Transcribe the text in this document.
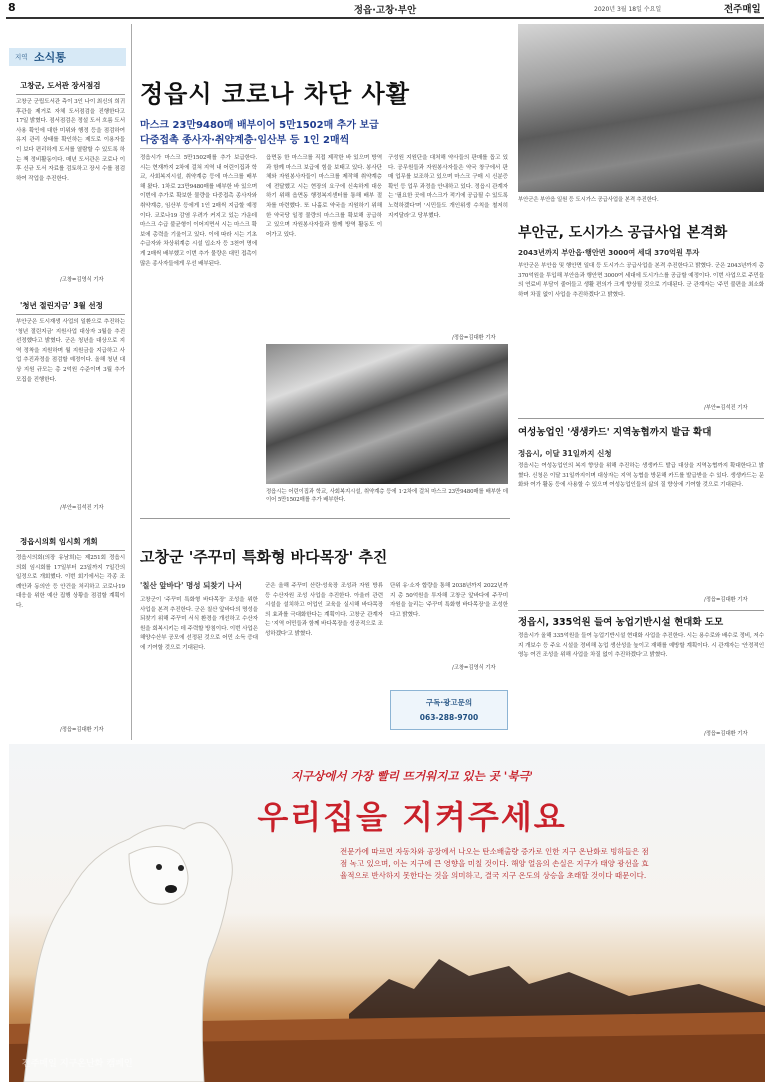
8	정읍·고창·부안	2020년 3월 18일 수요일	전주매일
지역 소식통
고창군, 도서관 장서점검
고창군 군립도서관 측이 3인 나이 최신의 희귀 후관을 제거로 자체 도서점검을 진행한다고 17일 밝혔다. 점서점검은 정설 도서 흐름 도서 사용 확인에 대한 미위와 행정 등을 점검하여 유지 관리 상태를 확인하는 제도로 이용자들이 보다 편리하게 도서를 열람할 수 있도록 하는 책 정비활동이다. 매년 도서관은 코로나 이후 신규 도서 자료를 검토하고 장서 수를 점검하여 작업을 추진한다.
/고창=김영식 기자
'청년 절린지금' 3월 선정
부안군은 도시재생 사업의 일환으로 추진하는 '청년 절린지금' 지원사업 대상자 3월을 추진 선정했다고 밝혔다. 군은 청년을 대상으로 지역 정착을 지원하며 월 지원금을 지급하고 사업 추진과정을 점검할 예정이다. 올해 청년 대상 지원 규모는 총 2억원 수준이며 3월 추가 모집을 진행한다.
/부안=김석진 기자
정읍시의회 임시회 개회
정읍시의회(의장 유남희)는 제251회 정읍시의회 임시회를 17일부터 23일까지 7일간의 일정으로 개회했다. 이번 회기에서는 각종 조례안과 동의안 등 안건을 처리하고 코로나19 대응을 위한 예산 집행 상황을 점검할 계획이다.
/정읍=김대환 기자
정읍시 코로나 차단 사활
마스크 23만9480매 배부이어 5만1502매 추가 보급
다중접촉 종사자·취약계층·임산부 등 1인 2매씩
정읍시가 마스크 5만1502매를 추가 보급한다. 시는 현재까지 2차에 걸쳐 지역 내 어린이집과 학교, 사회복지시설, 취약계층 등에 마스크를 배부해 왔다. 1차로 23만9480매를 배부한 바 있으며 이번에 추가로 확보한 물량을 다중접촉 종사자와 취약계층, 임산부 등에게 1인 2매씩 지급할 예정이다. 코로나19 감염 우려가 커지고 있는 가운데 마스크 수급 불균형이 이어지면서 시는 마스크 확보에 총력을 기울이고 있다. 이에 따라 시는 기초 수급자와 차상위계층 시설 입소자 등 3천여 명에게 2매씩 배부했고 이번 추가 물량은 대민 접촉이 많은 종사자들에게 우선 배부된다.
읍면동 한 마스크를 직접 제작한 바 있으며 방역과 함께 마스크 보급에 힘을 보태고 있다. 봉사단체와 자원봉사자들이 마스크를 제작해 취약계층에 전달했고 시는 현장의 요구에 신속하게 대응하기 위해 읍면동 행정복지센터를 통해 배부 절차를 마련했다. 또 나홀로 약국을 지원하기 위해 한 약국당 일정 물량의 마스크를 확보해 공급하고 있으며 자원봉사자들과 함께 방역 활동도 이어가고 있다.
구성원 지원단을 대처해 약사들의 판매를 돕고 있다. 공무원들과 자원봉사자들은 약국 창구에서 판매 업무를 보조하고 있으며 마스크 구매 시 신분증 확인 등 업무 과정을 안내하고 있다. 정읍시 관계자는 '필요한 곳에 마스크가 적기에 공급될 수 있도록 노력하겠다'며 '시민들도 개인위생 수칙을 철저히 지켜달라'고 당부했다.
/정읍=김대환 기자
정읍시는 어린이집과 학교, 사회복지시설, 취약계층 등에 1·2차에 걸쳐 마스크 23만9480매를 배부한 데 이어 5만1502매를 추가 배부한다.
부안군은 부안읍 일원 등 도시가스 공급사업을 본격 추진한다.
부안군, 도시가스 공급사업 본격화
2043년까지 부안읍·행안면 3000여 세대 370억원 투자
부안군은 부안읍 및 행안면 일대 등 도시가스 공급사업을 본격 추진한다고 밝혔다. 군은 2043년까지 총 370억원을 투입해 부안읍과 행안면 3000여 세대에 도시가스를 공급할 예정이다. 이번 사업으로 주민들의 연료비 부담이 줄어들고 생활 편의가 크게 향상될 것으로 기대된다. 군 관계자는 '주민 불편을 최소화하며 차질 없이 사업을 추진하겠다'고 밝혔다.
/부안=김석진 기자
여성농업인 '생생카드' 지역농협까지 발급 확대
정읍시, 이달 31일까지 신청
정읍시는 여성농업인의 복지 향상을 위해 추진하는 생생카드 발급 대상을 지역농협까지 확대한다고 밝혔다. 신청은 이달 31일까지이며 대상자는 지역 농협을 방문해 카드를 발급받을 수 있다. 생생카드는 문화와 여가 활동 등에 사용할 수 있으며 여성농업인들의 삶의 질 향상에 기여할 것으로 기대된다.
/정읍=김대환 기자
정읍시, 335억원 들여 농업기반시설 현대화 도모
정읍시가 올해 335억원을 들여 농업기반시설 현대화 사업을 추진한다. 시는 용수로와 배수로 정비, 저수지 개보수 등 주요 시설을 정비해 농업 생산성을 높이고 재해를 예방할 계획이다. 시 관계자는 '안정적인 영농 여건 조성을 위해 사업을 차질 없이 추진하겠다'고 밝혔다.
/정읍=김대환 기자
고창군 '주꾸미 특화형 바다목장' 추진
'칠산 앞바다' 명성 되찾기 나서
고창군이 '주꾸미 특화형 바다목장' 조성을 위한 사업을 본격 추진한다. 군은 칠산 앞바다의 명성을 되찾기 위해 주꾸미 서식 환경을 개선하고 수산자원을 회복시키는 데 주력할 방침이다. 이번 사업은 해양수산부 공모에 선정된 것으로 어민 소득 증대에 기여할 것으로 기대된다.
군은 올해 주꾸미 산란·성육장 조성과 자원 방류 등 수산자원 조성 사업을 추진한다. 아울러 관련 시설을 설치하고 어업인 교육을 실시해 바다목장의 효과를 극대화한다는 계획이다. 고창군 관계자는 '지역 어민들과 함께 바다목장을 성공적으로 조성하겠다'고 밝혔다.
단위 유·소자 합량을 통해 2038년까지 2022년까지 총 50억원을 투자해 고창군 앞바다에 주꾸미 자원을 늘리는 '주꾸미 특화형 바다목장'을 조성한다고 밝혔다.
/고창=김영식 기자
구독·광고문의
063-288-9700
지구상에서 가장 빨리 뜨거워지고 있는 곳 '북극'
우리집을 지켜주세요
전문가에 따르면 자동차와 공장에서 나오는 탄소배출량 증가로 인한 지구 온난화로 빙하들은 점점 녹고 있으며, 이는 지구에 큰 영향을 미칠 것이다. 해양 얼음의 손실은 지구가 태양 광선을 효율적으로 반사하지 못한다는 것을 의미하고, 결국 지구 온도의 상승을 초래할 것이다 때문이다.
전주매일 지구온난화 캠페인
